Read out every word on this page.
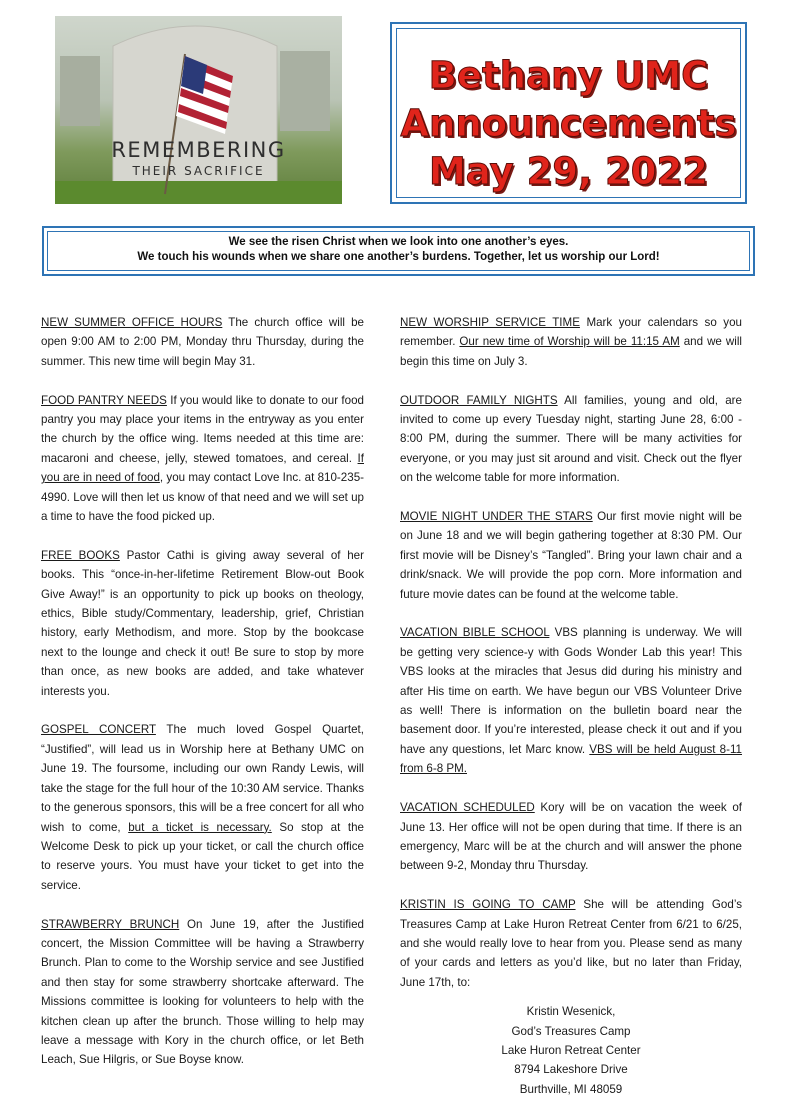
REMEMBERING
THEIR SACRIFICE
Bethany UMC
Announcements
May 29, 2022
We see the risen Christ when we look into one another’s eyes.
We touch his wounds when we share one another’s burdens. Together, let us worship our Lord!

NEW SUMMER OFFICE HOURS The church office will be open 9:00 AM to 2:00 PM, Monday thru Thursday, during the summer. This new time will begin May 31.

FOOD PANTRY NEEDS If you would like to donate to our food pantry you may place your items in the entryway as you enter the church by the office wing. Items needed at this time are: macaroni and cheese, jelly, stewed tomatoes, and cereal. If you are in need of food, you may contact Love Inc. at 810-235-4990. Love will then let us know of that need and we will set up a time to have the food picked up.

FREE BOOKS Pastor Cathi is giving away several of her books. This “once-in-her-lifetime Retirement Blow-out Book Give Away!” is an opportunity to pick up books on theology, ethics, Bible study/Commentary, leadership, grief, Christian history, early Methodism, and more. Stop by the bookcase next to the lounge and check it out! Be sure to stop by more than once, as new books are added, and take whatever interests you.

GOSPEL CONCERT The much loved Gospel Quartet, “Justified”, will lead us in Worship here at Bethany UMC on June 19. The foursome, including our own Randy Lewis, will take the stage for the full hour of the 10:30 AM service. Thanks to the generous sponsors, this will be a free concert for all who wish to come, but a ticket is necessary. So stop at the Welcome Desk to pick up your ticket, or call the church office to reserve yours. You must have your ticket to get into the service.

STRAWBERRY BRUNCH On June 19, after the Justified concert, the Mission Committee will be having a Strawberry Brunch. Plan to come to the Worship service and see Justified and then stay for some strawberry shortcake afterward. The Missions committee is looking for volunteers to help with the kitchen clean up after the brunch. Those willing to help may leave a message with Kory in the church office, or let Beth Leach, Sue Hilgris, or Sue Boyse know.

NEW WORSHIP SERVICE TIME Mark your calendars so you remember. Our new time of Worship will be 11:15 AM and we will begin this time on July 3.

OUTDOOR FAMILY NIGHTS All families, young and old, are invited to come up every Tuesday night, starting June 28, 6:00 - 8:00 PM, during the summer. There will be many activities for everyone, or you may just sit around and visit. Check out the flyer on the welcome table for more information.

MOVIE NIGHT UNDER THE STARS Our first movie night will be on June 18 and we will begin gathering together at 8:30 PM. Our first movie will be Disney’s “Tangled”. Bring your lawn chair and a drink/snack. We will provide the pop corn. More information and future movie dates can be found at the welcome table.

VACATION BIBLE SCHOOL VBS planning is underway. We will be getting very science-y with Gods Wonder Lab this year! This VBS looks at the miracles that Jesus did during his ministry and after His time on earth. We have begun our VBS Volunteer Drive as well! There is information on the bulletin board near the basement door. If you’re interested, please check it out and if you have any questions, let Marc know. VBS will be held August 8-11 from 6-8 PM.

VACATION SCHEDULED Kory will be on vacation the week of June 13. Her office will not be open during that time. If there is an emergency, Marc will be at the church and will answer the phone between 9-2, Monday thru Thursday.

KRISTIN IS GOING TO CAMP She will be attending God’s Treasures Camp at Lake Huron Retreat Center from 6/21 to 6/25, and she would really love to hear from you. Please send as many of your cards and letters as you’d like, but no later than Friday, June 17th, to:

Kristin Wesenick,
God’s Treasures Camp
Lake Huron Retreat Center
8794 Lakeshore Drive
Burthville, MI 48059
